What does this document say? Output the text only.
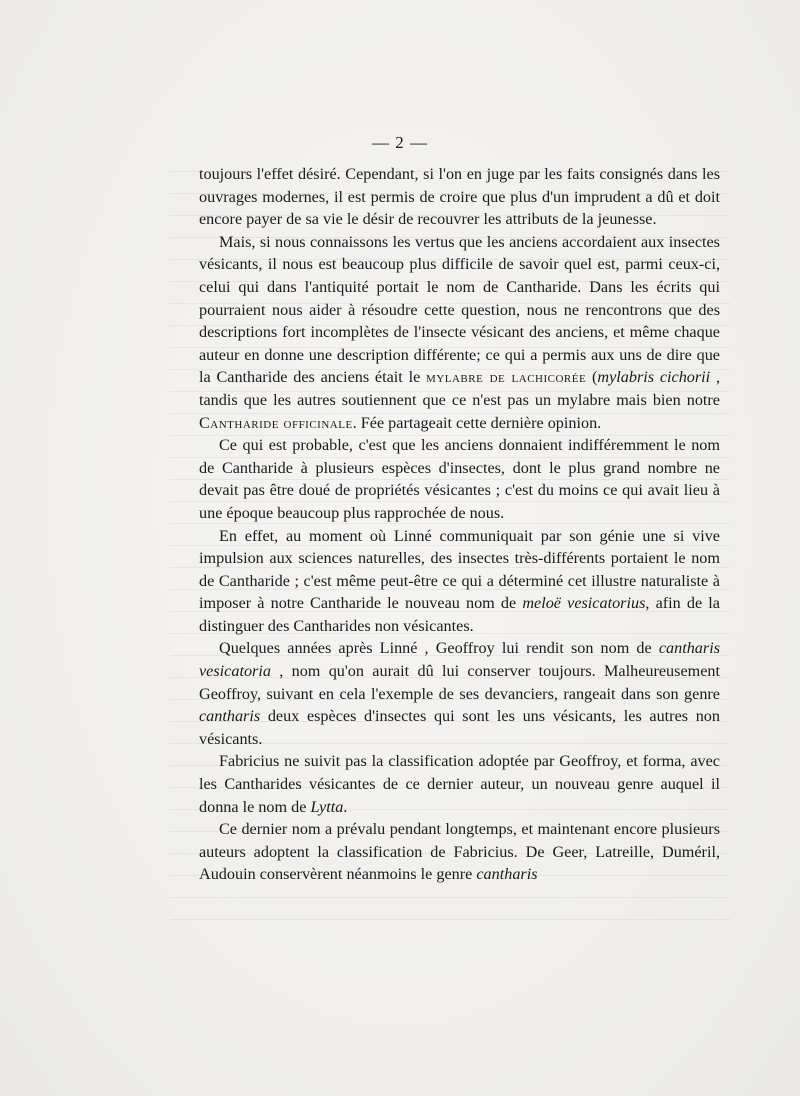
— 2 —

toujours l'effet désiré. Cependant, si l'on en juge par les faits consignés dans les ouvrages modernes, il est permis de croire que plus d'un imprudent a dû et doit encore payer de sa vie le désir de recouvrer les attributs de la jeunesse.

Mais, si nous connaissons les vertus que les anciens accordaient aux insectes vésicants, il nous est beaucoup plus difficile de savoir quel est, parmi ceux-ci, celui qui dans l'antiquité portait le nom de Cantharide. Dans les écrits qui pourraient nous aider à résoudre cette question, nous ne rencontrons que des descriptions fort incomplètes de l'insecte vésicant des anciens, et même chaque auteur en donne une description différente; ce qui a permis aux uns de dire que la Cantharide des anciens était le mylabre de lachicorée (mylabris cichorii , tandis que les autres soutiennent que ce n'est pas un mylabre mais bien notre Cantharide officinale. Fée partageait cette dernière opinion.

Ce qui est probable, c'est que les anciens donnaient indifféremment le nom de Cantharide à plusieurs espèces d'insectes, dont le plus grand nombre ne devait pas être doué de propriétés vésicantes ; c'est du moins ce qui avait lieu à une époque beaucoup plus rapprochée de nous.

En effet, au moment où Linné communiquait par son génie une si vive impulsion aux sciences naturelles, des insectes très-différents portaient le nom de Cantharide ; c'est même peut-être ce qui a déterminé cet illustre naturaliste à imposer à notre Cantharide le nouveau nom de meloë vesicatorius, afin de la distinguer des Cantharides non vésicantes.

Quelques années après Linné , Geoffroy lui rendit son nom de cantharis vesicatoria , nom qu'on aurait dû lui conserver toujours. Malheureusement Geoffroy, suivant en cela l'exemple de ses devanciers, rangeait dans son genre cantharis deux espèces d'insectes qui sont les uns vésicants, les autres non vésicants.

Fabricius ne suivit pas la classification adoptée par Geoffroy, et forma, avec les Cantharides vésicantes de ce dernier auteur, un nouveau genre auquel il donna le nom de Lytta.

Ce dernier nom a prévalu pendant longtemps, et maintenant encore plusieurs auteurs adoptent la classification de Fabricius. De Geer, Latreille, Duméril, Audouin conservèrent néanmoins le genre cantharis
